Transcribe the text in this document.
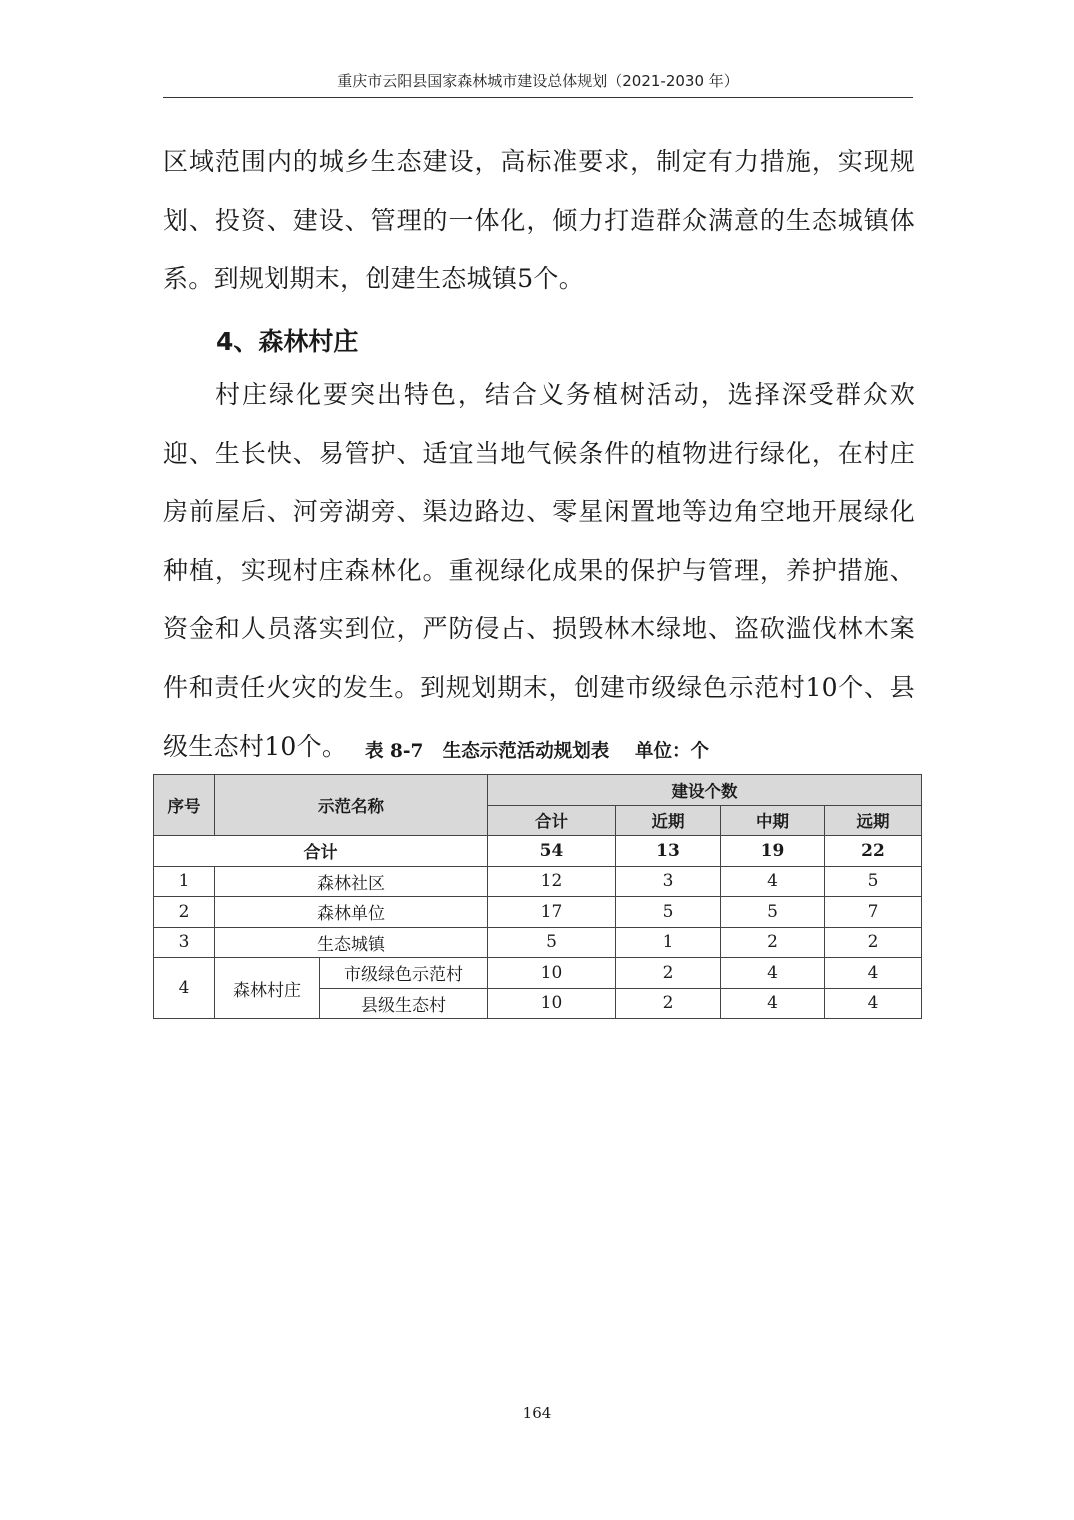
重庆市云阳县国家森林城市建设总体规划（2021-2030 年）

区域范围内的城乡生态建设，高标准要求，制定有力措施，实现规划、投资、建设、管理的一体化，倾力打造群众满意的生态城镇体系。到规划期末，创建生态城镇5个。

4、森林村庄

村庄绿化要突出特色，结合义务植树活动，选择深受群众欢迎、生长快、易管护、适宜当地气候条件的植物进行绿化，在村庄房前屋后、河旁湖旁、渠边路边、零星闲置地等边角空地开展绿化种植，实现村庄森林化。重视绿化成果的保护与管理，养护措施、资金和人员落实到位，严防侵占、损毁林木绿地、盗砍滥伐林木案件和责任火灾的发生。到规划期末，创建市级绿色示范村10个、县级生态村10个。 表 8-7 生态示范活动规划表 单位：个
序号	示范名称		建设个数			
			合计	近期	中期	远期
合计			54	13	19	22
1	森林社区		12	3	4	5
2	森林单位		17	5	5	7
3	生态城镇		5	1	2	2
4	森林村庄	市级绿色示范村	10	2	4	4
		县级生态村	10	2	4	4
164
